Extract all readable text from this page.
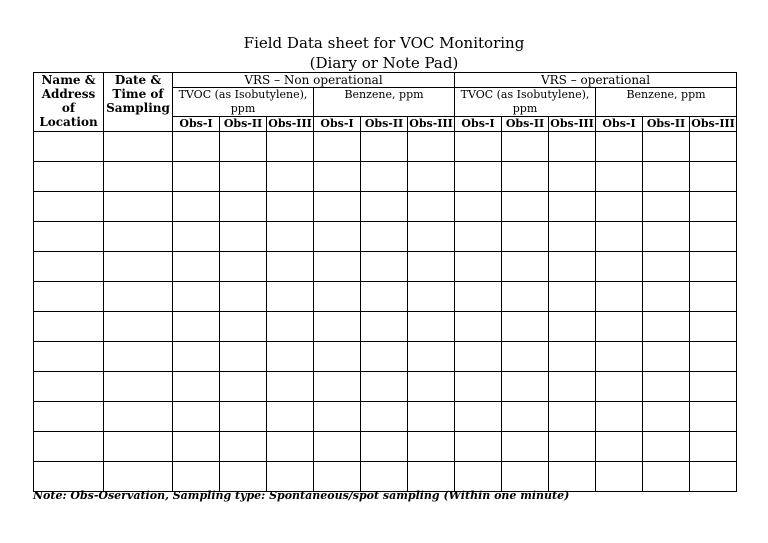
Field Data sheet for VOC Monitoring
(Diary or Note Pad)
Name & Address of Location	Date & Time of Sampling	VRS – Non operational						VRS – operational					
		TVOC (as Isobutylene), ppm			Benzene, ppm			TVOC (as Isobutylene), ppm			Benzene, ppm		
		Obs-I	Obs-II	Obs-III	Obs-I	Obs-II	Obs-III	Obs-I	Obs-II	Obs-III	Obs-I	Obs-II	Obs-III

Note: Obs-Oservation, Sampling type: Spontaneous/spot sampling (Within one minute)
